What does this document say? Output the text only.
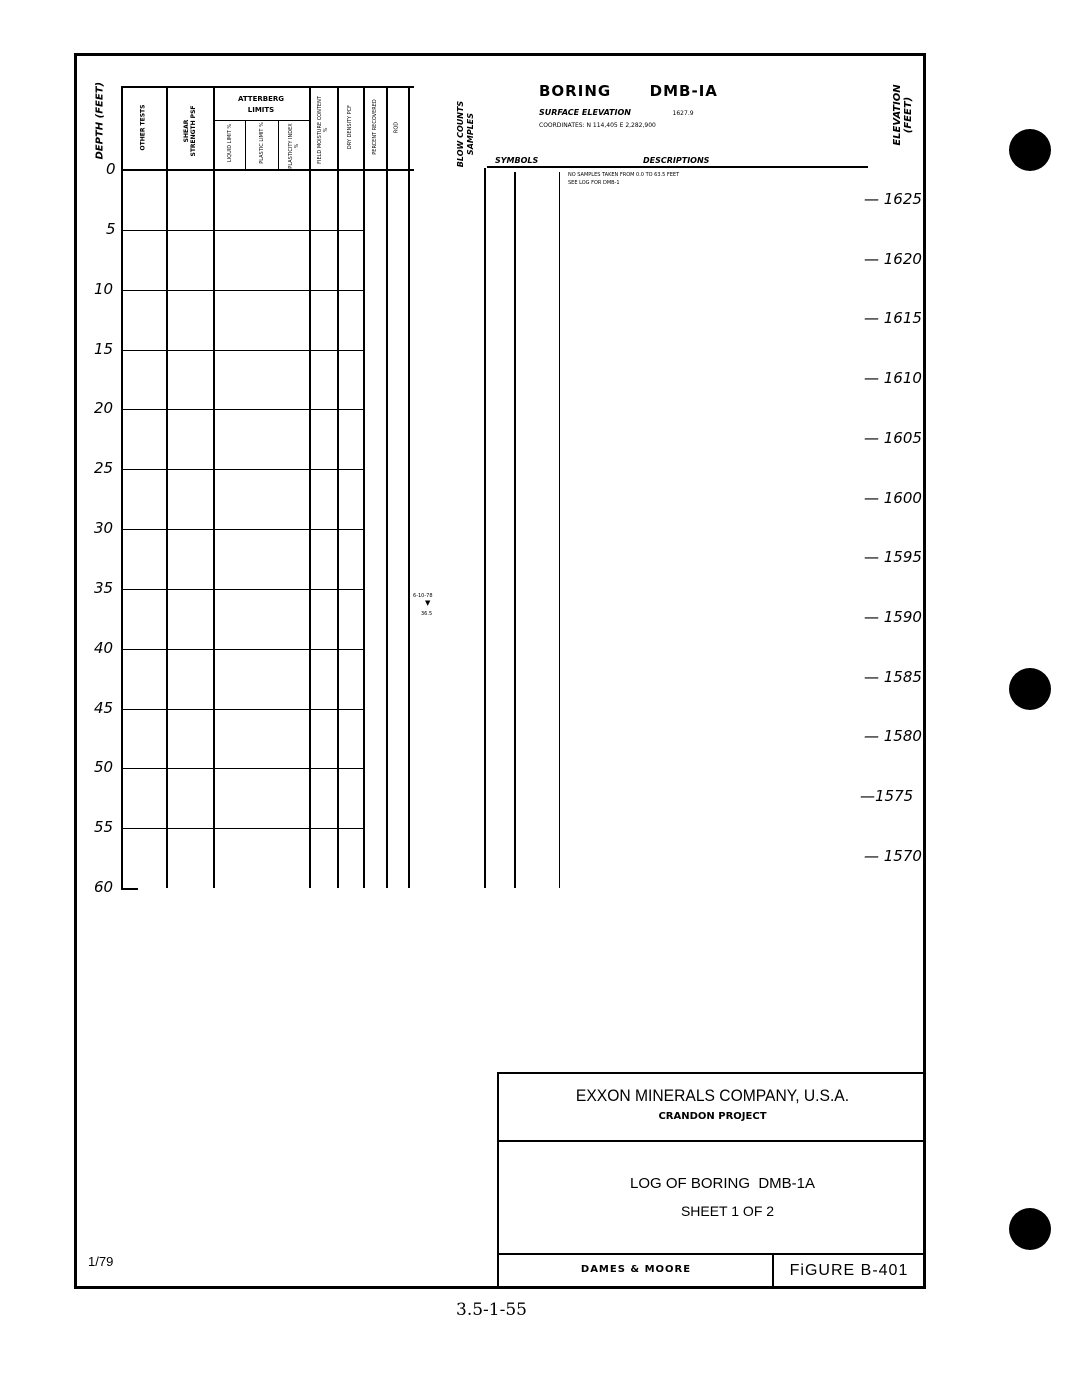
DEPTH (FEET)	OTHER TESTS	SHEAR STRENGTH PSF
ATTERBERG LIMITS
LIQUID LIMIT %	PLASTIC LIMIT %	PLASTICITY INDEX %	FIELD MOISTURE CONTENT %	DRY DENSITY PCF	PERCENT RECOVERED	RQD
0
5
10
15
20
25
30
35
40
45
50
55
60
6-10-78
▼
36.5
BLOW COUNTS SAMPLES
BORING	DMB-IA
SURFACE ELEVATION	1627.9
COORDINATES: N 114,405 E 2,282,900
SYMBOLS	DESCRIPTIONS
NO SAMPLES TAKEN FROM 0.0 TO 63.5 FEET
SEE LOG FOR DMB-1
ELEVATION (FEET)
— 1625
— 1620
— 1615
— 1610
— 1605
— 1600
— 1595
— 1590
— 1585
— 1580
—1575
— 1570
EXXON MINERALS COMPANY, U.S.A.
CRANDON PROJECT
LOG OF BORING  DMB-1A
SHEET 1 OF 2
DAMES & MOORE	FiGURE B-401
1/79
3.5-1-55
